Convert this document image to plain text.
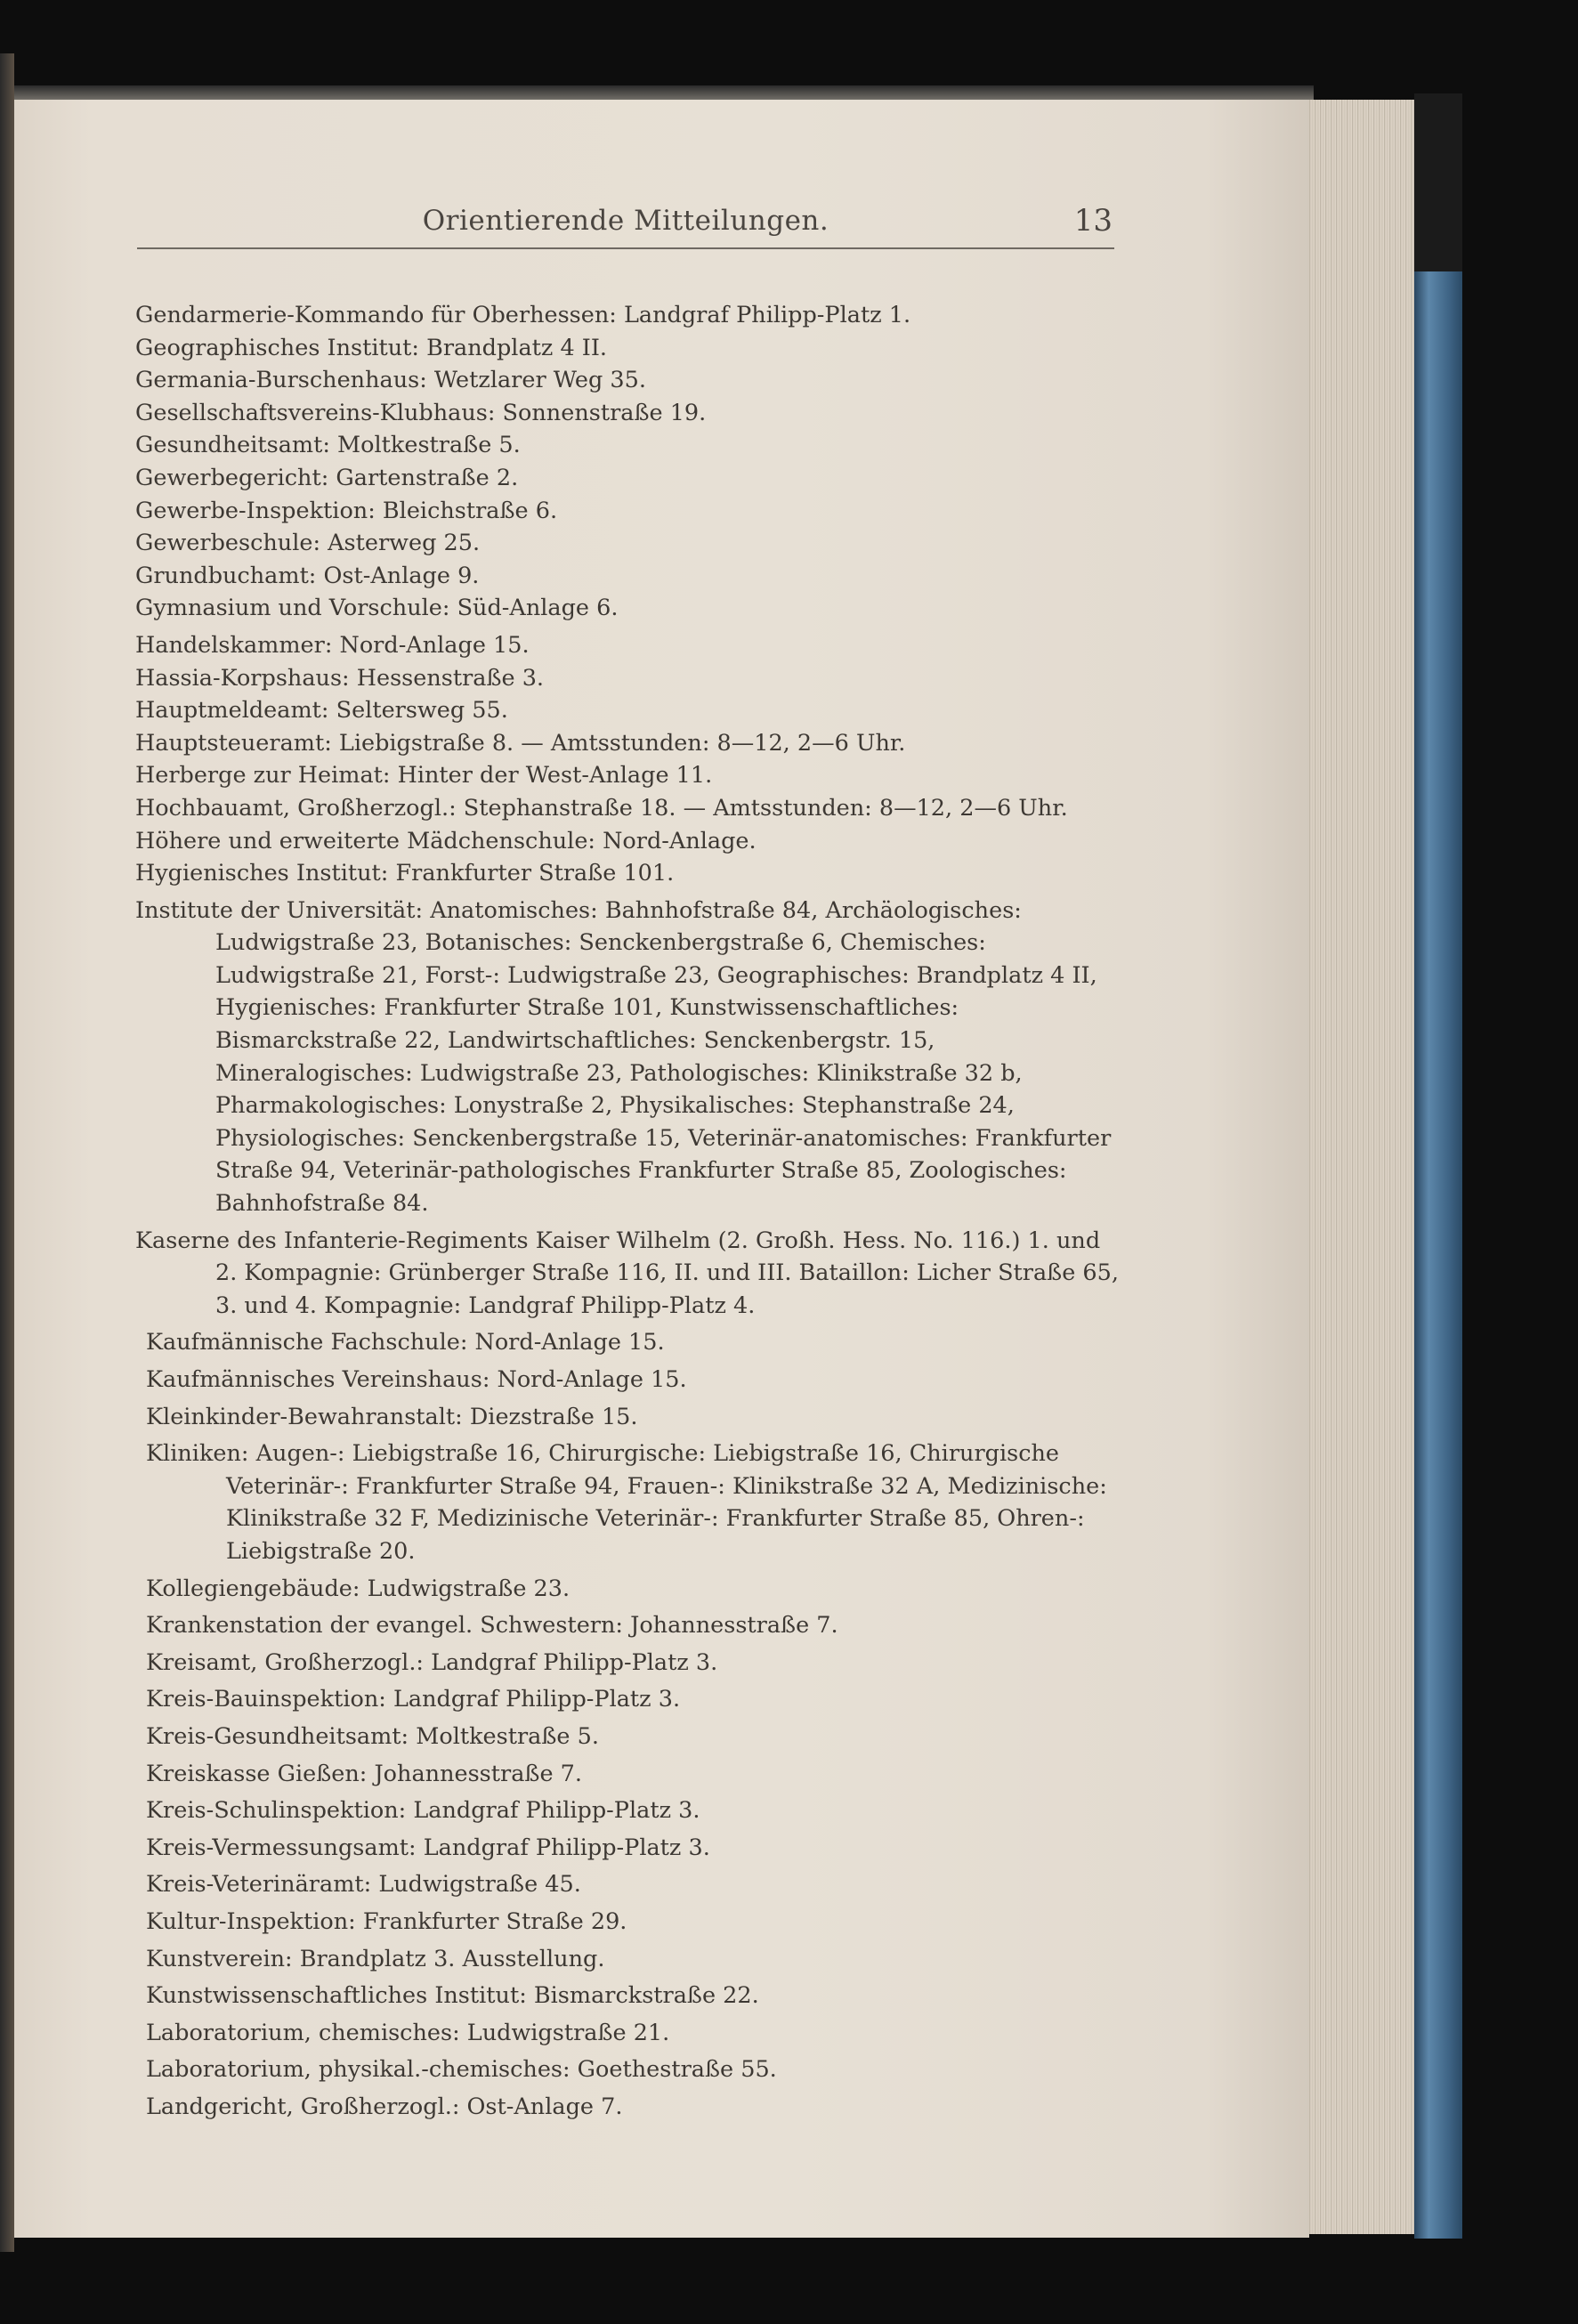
Orientierende Mitteilungen.	13

Gendarmerie-Kommando für Oberhessen: Landgraf Philipp-Platz 1.

Geographisches Institut: Brandplatz 4 II.

Germania-Burschenhaus: Wetzlarer Weg 35.

Gesellschaftsvereins-Klubhaus: Sonnenstraße 19.

Gesundheitsamt: Moltkestraße 5.

Gewerbegericht: Gartenstraße 2.

Gewerbe-Inspektion: Bleichstraße 6.

Gewerbeschule: Asterweg 25.

Grundbuchamt: Ost-Anlage 9.

Gymnasium und Vorschule: Süd-Anlage 6.

Handelskammer: Nord-Anlage 15.

Hassia-Korpshaus: Hessenstraße 3.

Hauptmeldeamt: Seltersweg 55.

Hauptsteueramt: Liebigstraße 8. — Amtsstunden: 8—12, 2—6 Uhr.

Herberge zur Heimat: Hinter der West-Anlage 11.

Hochbauamt, Großherzogl.: Stephanstraße 18. — Amtsstunden: 8—12, 2—6 Uhr.

Höhere und erweiterte Mädchenschule: Nord-Anlage.

Hygienisches Institut: Frankfurter Straße 101.

Institute der Universität: Anatomisches: Bahnhofstraße 84, Archäologisches: Ludwigstraße 23, Botanisches: Senckenbergstraße 6, Chemisches: Ludwigstraße 21, Forst-: Ludwigstraße 23, Geographisches: Brandplatz 4 II, Hygienisches: Frankfurter Straße 101, Kunstwissenschaftliches: Bismarckstraße 22, Landwirtschaftliches: Senckenbergstr. 15, Mineralogisches: Ludwigstraße 23, Pathologisches: Klinikstraße 32 b, Pharmakologisches: Lonystraße 2, Physikalisches: Stephanstraße 24, Physiologisches: Senckenbergstraße 15, Veterinär-anatomisches: Frankfurter Straße 94, Veterinär-pathologisches Frankfurter Straße 85, Zoologisches: Bahnhofstraße 84.

Kaserne des Infanterie-Regiments Kaiser Wilhelm (2. Großh. Hess. No. 116.) 1. und 2. Kompagnie: Grünberger Straße 116, II. und III. Bataillon: Licher Straße 65, 3. und 4. Kompagnie: Landgraf Philipp-Platz 4.

Kaufmännische Fachschule: Nord-Anlage 15.

Kaufmännisches Vereinshaus: Nord-Anlage 15.

Kleinkinder-Bewahranstalt: Diezstraße 15.

Kliniken: Augen-: Liebigstraße 16, Chirurgische: Liebigstraße 16, Chirurgische Veterinär-: Frankfurter Straße 94, Frauen-: Klinikstraße 32 A, Medizinische: Klinikstraße 32 F, Medizinische Veterinär-: Frankfurter Straße 85, Ohren-: Liebigstraße 20.

Kollegiengebäude: Ludwigstraße 23.

Krankenstation der evangel. Schwestern: Johannesstraße 7.

Kreisamt, Großherzogl.: Landgraf Philipp-Platz 3.

Kreis-Bauinspektion: Landgraf Philipp-Platz 3.

Kreis-Gesundheitsamt: Moltkestraße 5.

Kreiskasse Gießen: Johannesstraße 7.

Kreis-Schulinspektion: Landgraf Philipp-Platz 3.

Kreis-Vermessungsamt: Landgraf Philipp-Platz 3.

Kreis-Veterinäramt: Ludwigstraße 45.

Kultur-Inspektion: Frankfurter Straße 29.

Kunstverein: Brandplatz 3. Ausstellung.

Kunstwissenschaftliches Institut: Bismarckstraße 22.

Laboratorium, chemisches: Ludwigstraße 21.

Laboratorium, physikal.-chemisches: Goethestraße 55.

Landgericht, Großherzogl.: Ost-Anlage 7.
